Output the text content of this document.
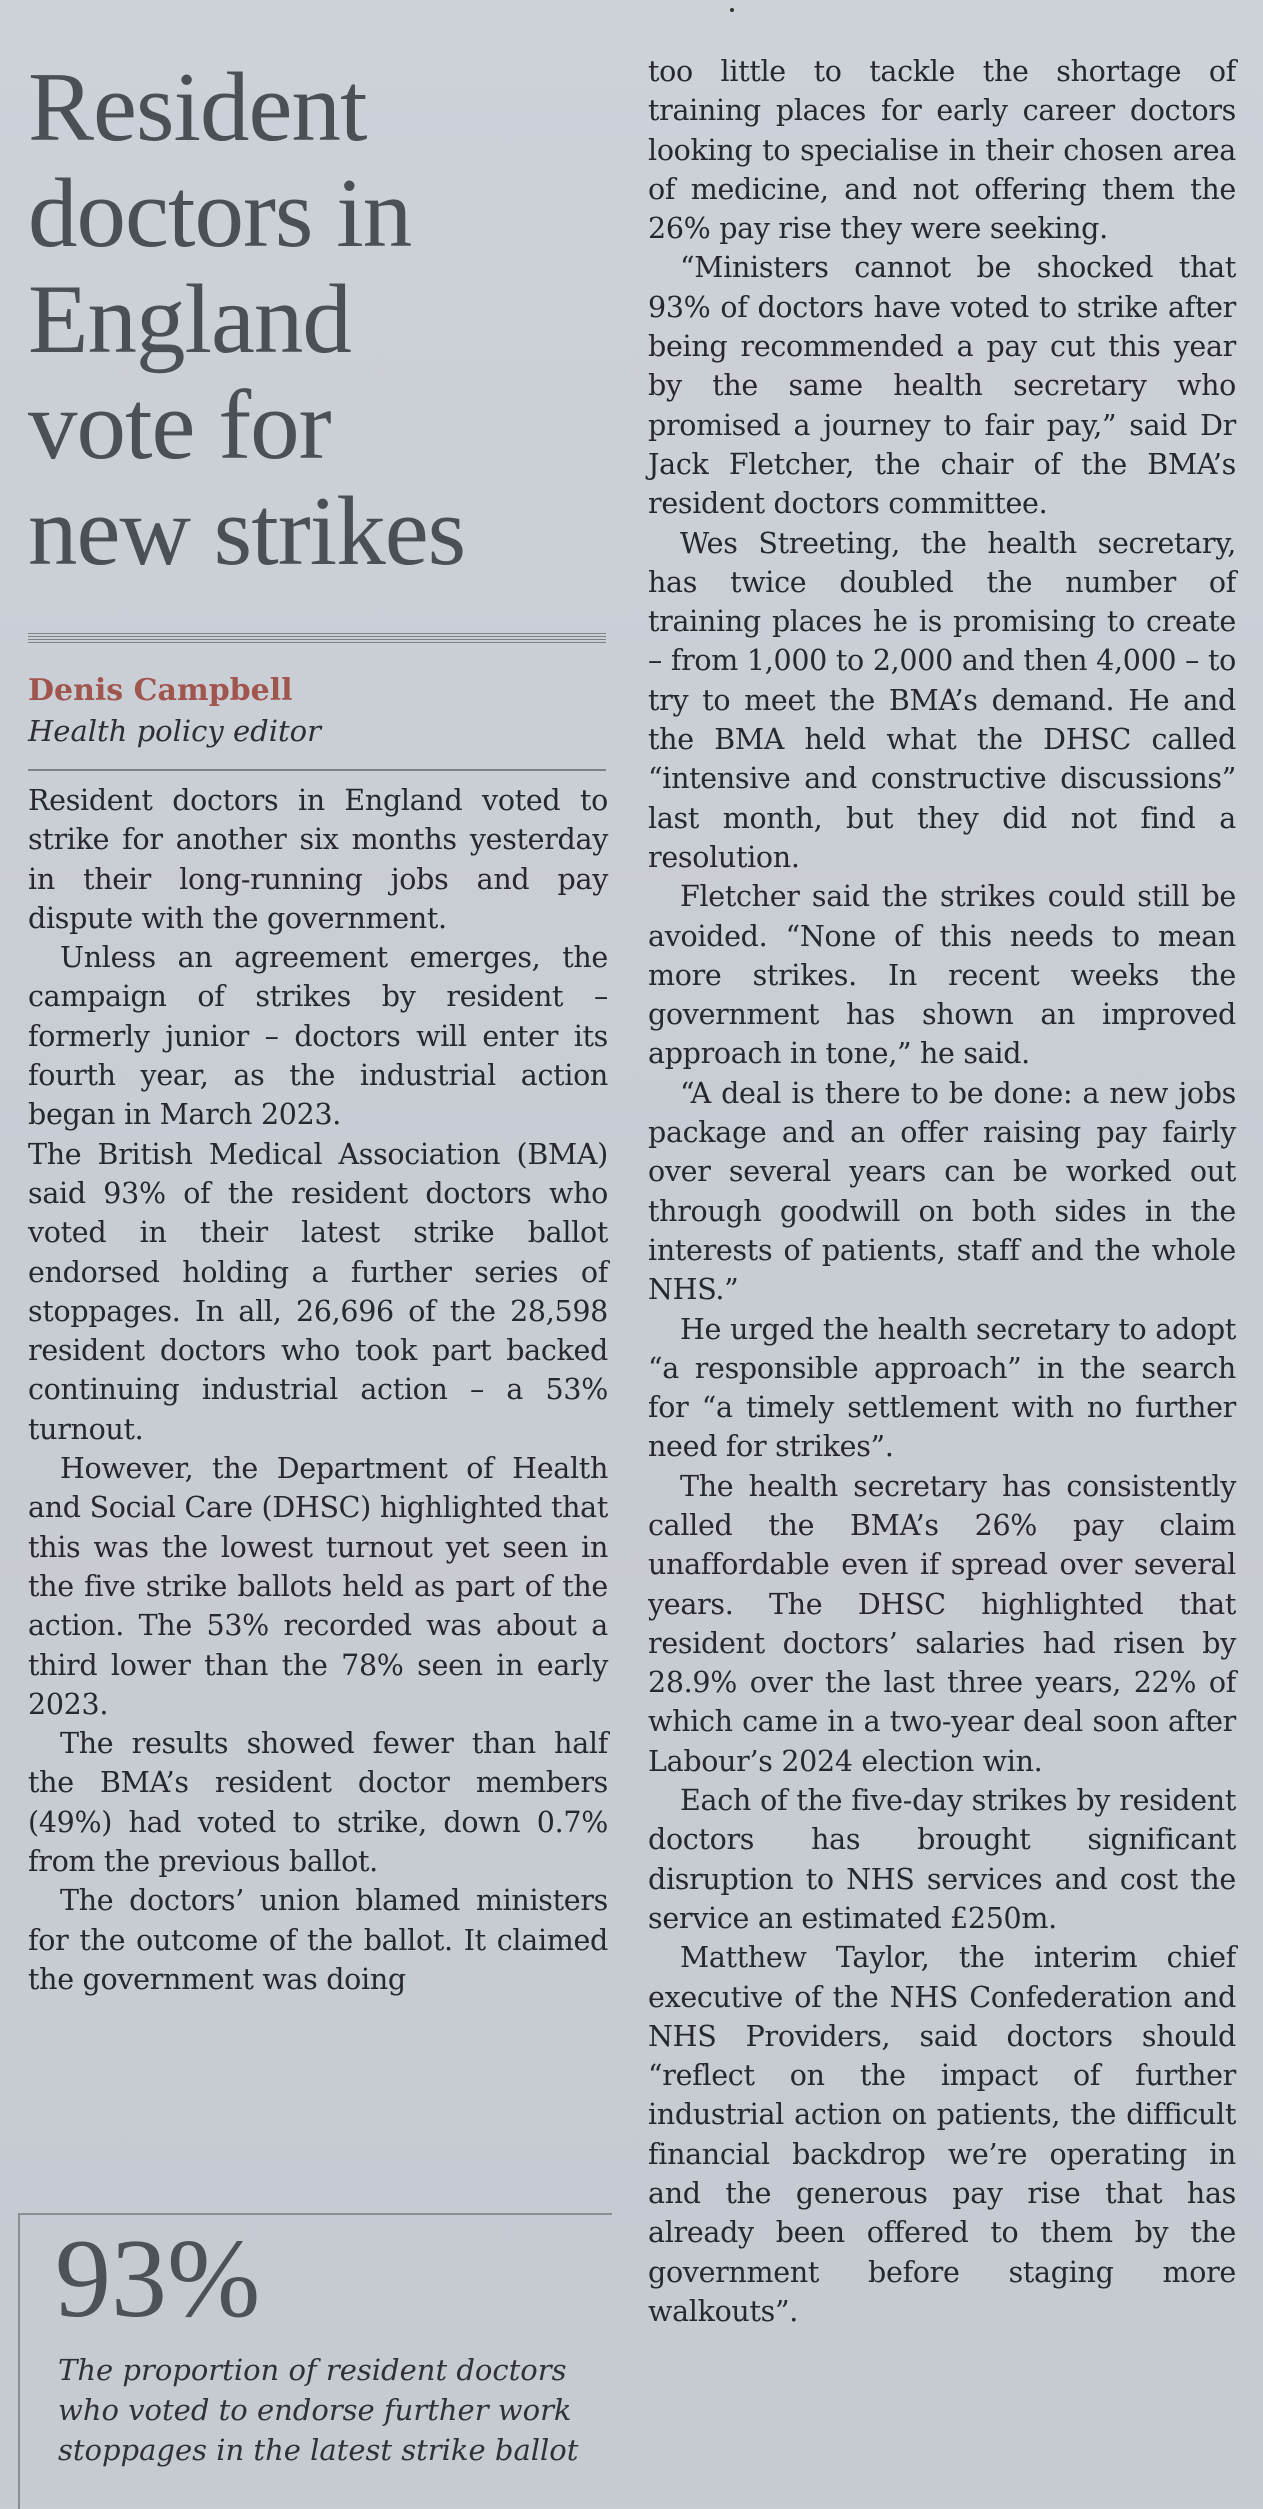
Resident
doctors in
England
vote for
new strikes
Denis Campbell
Health policy editor

Resident doctors in England voted to strike for another six months yesterday in their long-running jobs and pay dispute with the government.

Unless an agreement emerges, the campaign of strikes by resident – formerly junior – doctors will enter its fourth year, as the industrial action began in March 2023.

The British Medical Association (BMA) said 93% of the resident doctors who voted in their latest strike ballot endorsed holding a further series of stoppages. In all, 26,696 of the 28,598 resident doctors who took part backed continuing industrial action – a 53% turnout.

However, the Department of Health and Social Care (DHSC) highlighted that this was the lowest turnout yet seen in the five strike ballots held as part of the action. The 53% recorded was about a third lower than the 78% seen in early 2023.

The results showed fewer than half the BMA’s resident doctor members (49%) had voted to strike, down 0.7% from the previous ballot.

The doctors’ union blamed ministers for the outcome of the ballot. It claimed the government was doing

93%
The proportion of resident doctors who voted to endorse further work stoppages in the latest strike ballot

too little to tackle the shortage of training places for early career doctors looking to specialise in their chosen area of medicine, and not offering them the 26% pay rise they were seeking.

“Ministers cannot be shocked that 93% of doctors have voted to strike after being recommended a pay cut this year by the same health secretary who promised a journey to fair pay,” said Dr Jack Fletcher, the chair of the BMA’s resident doctors committee.

Wes Streeting, the health secretary, has twice doubled the number of training places he is promising to create – from 1,000 to 2,000 and then 4,000 – to try to meet the BMA’s demand. He and the BMA held what the DHSC called “intensive and constructive discussions” last month, but they did not find a resolution.

Fletcher said the strikes could still be avoided. “None of this needs to mean more strikes. In recent weeks the government has shown an improved approach in tone,” he said.

“A deal is there to be done: a new jobs package and an offer raising pay fairly over several years can be worked out through goodwill on both sides in the interests of patients, staff and the whole NHS.”

He urged the health secretary to adopt “a responsible approach” in the search for “a timely settlement with no further need for strikes”.

The health secretary has consistently called the BMA’s 26% pay claim unaffordable even if spread over several years. The DHSC highlighted that resident doctors’ salaries had risen by 28.9% over the last three years, 22% of which came in a two-year deal soon after Labour’s 2024 election win.

Each of the five-day strikes by resident doctors has brought significant disruption to NHS services and cost the service an estimated £250m.

Matthew Taylor, the interim chief executive of the NHS Confederation and NHS Providers, said doctors should “reflect on the impact of further industrial action on patients, the difficult financial backdrop we’re operating in and the generous pay rise that has already been offered to them by the government before staging more walkouts”.
